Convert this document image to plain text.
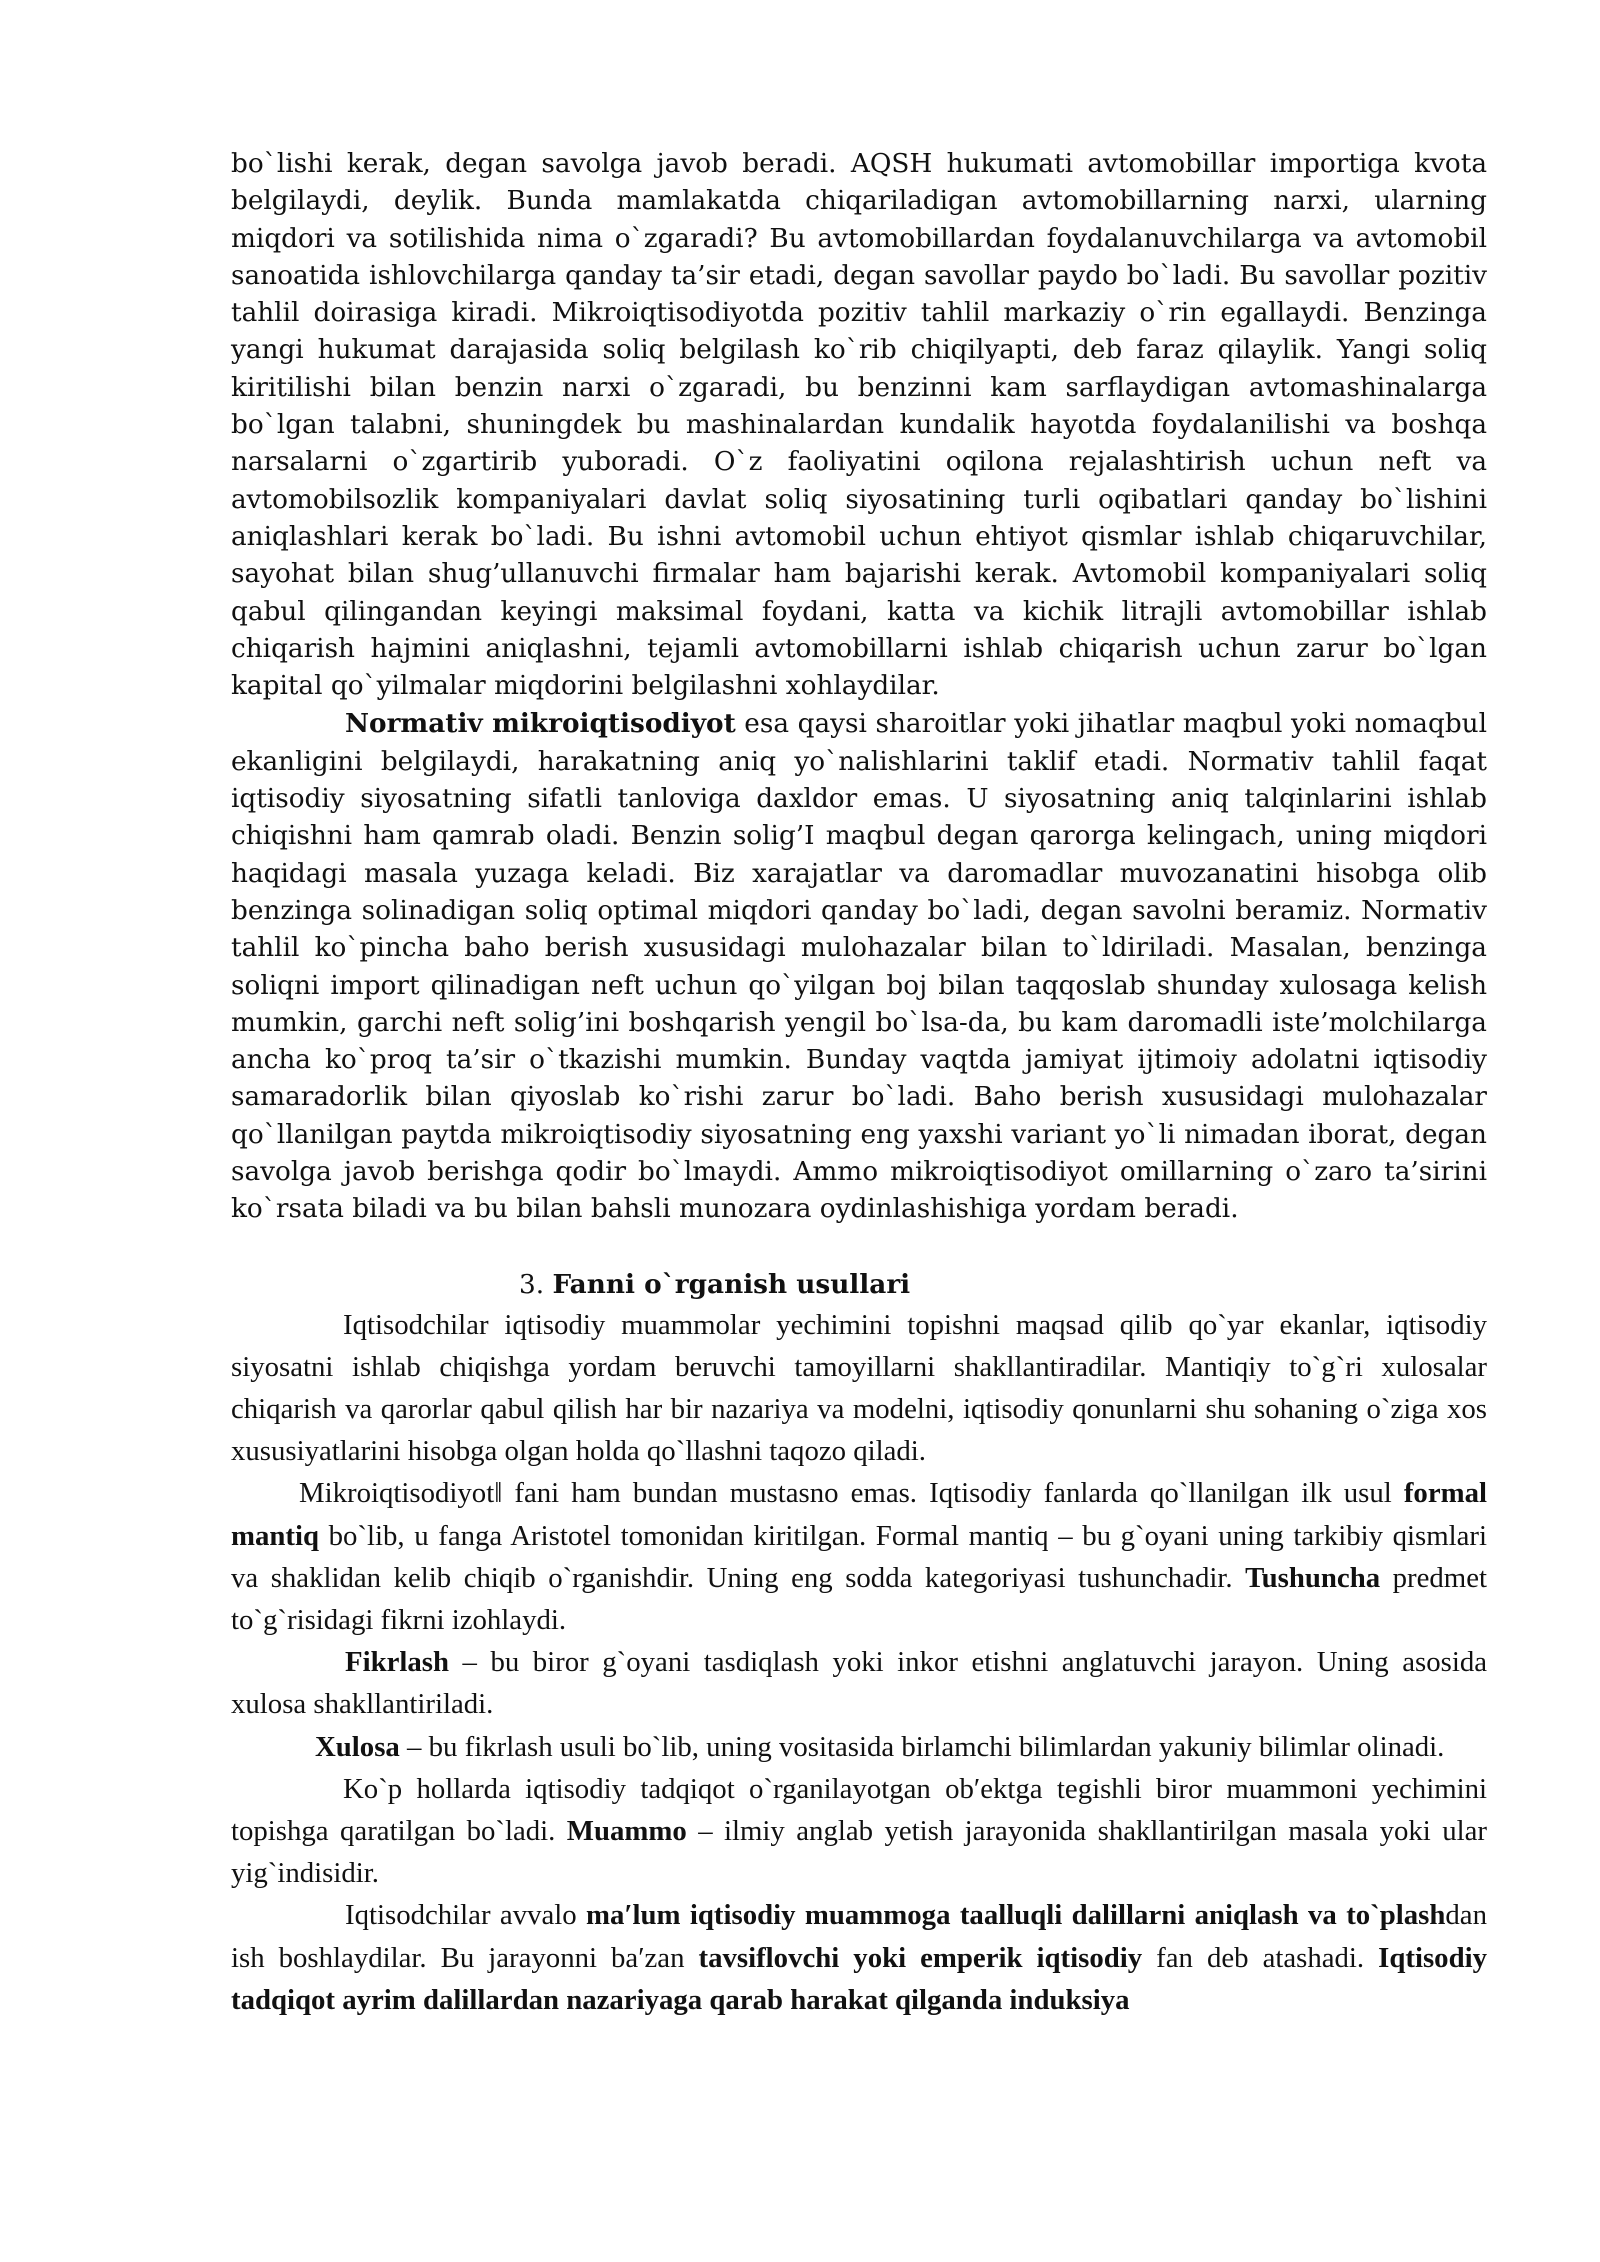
bo`lishi kerak, degan savolga javob beradi. AQSH hukumati avtomobillar importiga kvota belgilaydi, deylik. Bunda mamlakatda chiqariladigan avtomobillarning narxi, ularning miqdori va sotilishida nima o`zgaradi? Bu avtomobillardan foydalanuvchilarga va avtomobil sanoatida ishlovchilarga qanday ta’sir etadi, degan savollar paydo bo`ladi. Bu savollar pozitiv tahlil doirasiga kiradi. Mikroiqtisodiyotda pozitiv tahlil markaziy o`rin egallaydi. Benzinga yangi hukumat darajasida soliq belgilash ko`rib chiqilyapti, deb faraz qilaylik. Yangi soliq kiritilishi bilan benzin narxi o`zgaradi, bu benzinni kam sarflaydigan avtomashinalarga bo`lgan talabni, shuningdek bu mashinalardan kundalik hayotda foydalanilishi va boshqa narsalarni o`zgartirib yuboradi. O`z faoliyatini oqilona rejalashtirish uchun neft va avtomobilsozlik kompaniyalari davlat soliq siyosatining turli oqibatlari qanday bo`lishini aniqlashlari kerak bo`ladi. Bu ishni avtomobil uchun ehtiyot qismlar ishlab chiqaruvchilar, sayohat bilan shug’ullanuvchi firmalar ham bajarishi kerak. Avtomobil kompaniyalari soliq qabul qilingandan keyingi maksimal foydani, katta va kichik litrajli avtomobillar ishlab chiqarish hajmini aniqlashni, tejamli avtomobillarni ishlab chiqarish uchun zarur bo`lgan kapital qo`yilmalar miqdorini belgilashni xohlaydilar.

Normativ mikroiqtisodiyot esa qaysi sharoitlar yoki jihatlar maqbul yoki nomaqbul ekanligini belgilaydi, harakatning aniq yo`nalishlarini taklif etadi. Normativ tahlil faqat iqtisodiy siyosatning sifatli tanloviga daxldor emas. U siyosatning aniq talqinlarini ishlab chiqishni ham qamrab oladi. Benzin solig’I maqbul degan qarorga kelingach, uning miqdori haqidagi masala yuzaga keladi. Biz xarajatlar va daromadlar muvozanatini hisobga olib benzinga solinadigan soliq optimal miqdori qanday bo`ladi, degan savolni beramiz. Normativ tahlil ko`pincha baho berish xususidagi mulohazalar bilan to`ldiriladi. Masalan, benzinga soliqni import qilinadigan neft uchun qo`yilgan boj bilan taqqoslab shunday xulosaga kelish mumkin, garchi neft solig’ini boshqarish yengil bo`lsa-da, bu kam daromadli iste’molchilarga ancha ko`proq ta’sir o`tkazishi mumkin. Bunday vaqtda jamiyat ijtimoiy adolatni iqtisodiy samaradorlik bilan qiyoslab ko`rishi zarur bo`ladi. Baho berish xususidagi mulohazalar qo`llanilgan paytda mikroiqtisodiy siyosatning eng yaxshi variant yo`li nimadan iborat, degan savolga javob berishga qodir bo`lmaydi. Ammo mikroiqtisodiyot omillarning o`zaro ta’sirini ko`rsata biladi va bu bilan bahsli munozara oydinlashishiga yordam beradi.

3. Fanni o`rganish usullari

Iqtisodchilar iqtisodiy muammolar yechimini topishni maqsad qilib qo`yar ekanlar, iqtisodiy siyosatni ishlab chiqishga yordam beruvchi tamoyillarni shakllantiradilar. Mantiqiy to`g`ri xulosalar chiqarish va qarorlar qabul qilish har bir nazariya va modelni, iqtisodiy qonunlarni shu sohaning o`ziga xos xususiyatlarini hisobga olgan holda qo`llashni taqozo qiladi.

Mikroiqtisodiyot‖ fani ham bundan mustasno emas. Iqtisodiy fanlarda qo`llanilgan ilk usul formal mantiq bo`lib, u fanga Aristotel tomonidan kiritilgan. Formal mantiq – bu g`oyani uning tarkibiy qismlari va shaklidan kelib chiqib o`rganishdir. Uning eng sodda kategoriyasi tushunchadir. Tushuncha predmet to`g`risidagi fikrni izohlaydi.

Fikrlash – bu biror g`oyani tasdiqlash yoki inkor etishni anglatuvchi jarayon. Uning asosida xulosa shakllantiriladi.

Xulosa – bu fikrlash usuli bo`lib, uning vositasida birlamchi bilimlardan yakuniy bilimlar olinadi.

Ko`p hollarda iqtisodiy tadqiqot o`rganilayotgan ob′ektga tegishli biror muammoni yechimini topishga qaratilgan bo`ladi. Muammo – ilmiy anglab yetish jarayonida shakllantirilgan masala yoki ular yig`indisidir.

Iqtisodchilar avvalo ma′lum iqtisodiy muammoga taalluqli dalillarni aniqlash va to`plashdan ish boshlaydilar. Bu jarayonni ba′zan tavsiflovchi yoki emperik iqtisodiy fan deb atashadi. Iqtisodiy tadqiqot ayrim dalillardan nazariyaga qarab harakat qilganda induksiya
